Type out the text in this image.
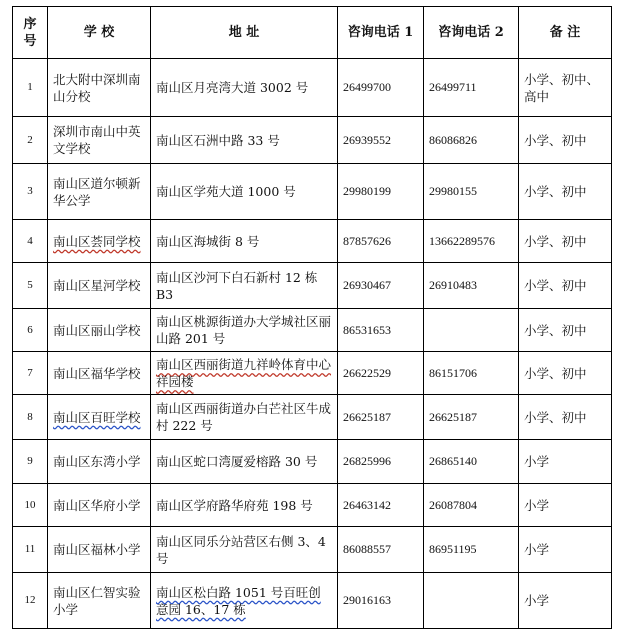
序号	学 校	地 址	咨询电话 1	咨询电话 2	备 注
1	北大附中深圳南山分校	南山区月亮湾大道 3002 号	26499700	26499711	小学、初中、高中
2	深圳市南山中英文学校	南山区石洲中路 33 号	26939552	86086826	小学、初中
3	南山区道尔顿新华公学	南山区学苑大道 1000 号	29980199	29980155	小学、初中
4	南山区荟同学校	南山区海城街 8 号	87857626	13662289576	小学、初中
5	南山区星河学校	南山区沙河下白石新村 12 栋 B3	26930467	26910483	小学、初中
6	南山区丽山学校	南山区桃源街道办大学城社区丽山路 201 号	86531653		小学、初中
7	南山区福华学校	南山区西丽街道九祥岭体育中心祥园楼	26622529	86151706	小学、初中
8	南山区百旺学校	南山区西丽街道办白芒社区牛成村 222 号	26625187	26625187	小学、初中
9	南山区东湾小学	南山区蛇口湾厦爱榕路 30 号	26825996	26865140	小学
10	南山区华府小学	南山区学府路华府苑 198 号	26463142	26087804	小学
11	南山区福林小学	南山区同乐分站营区右侧 3、4 号	86088557	86951195	小学
12	南山区仁智实验小学	南山区松白路 1051 号百旺创意园 16、17 栋	29016163		小学
